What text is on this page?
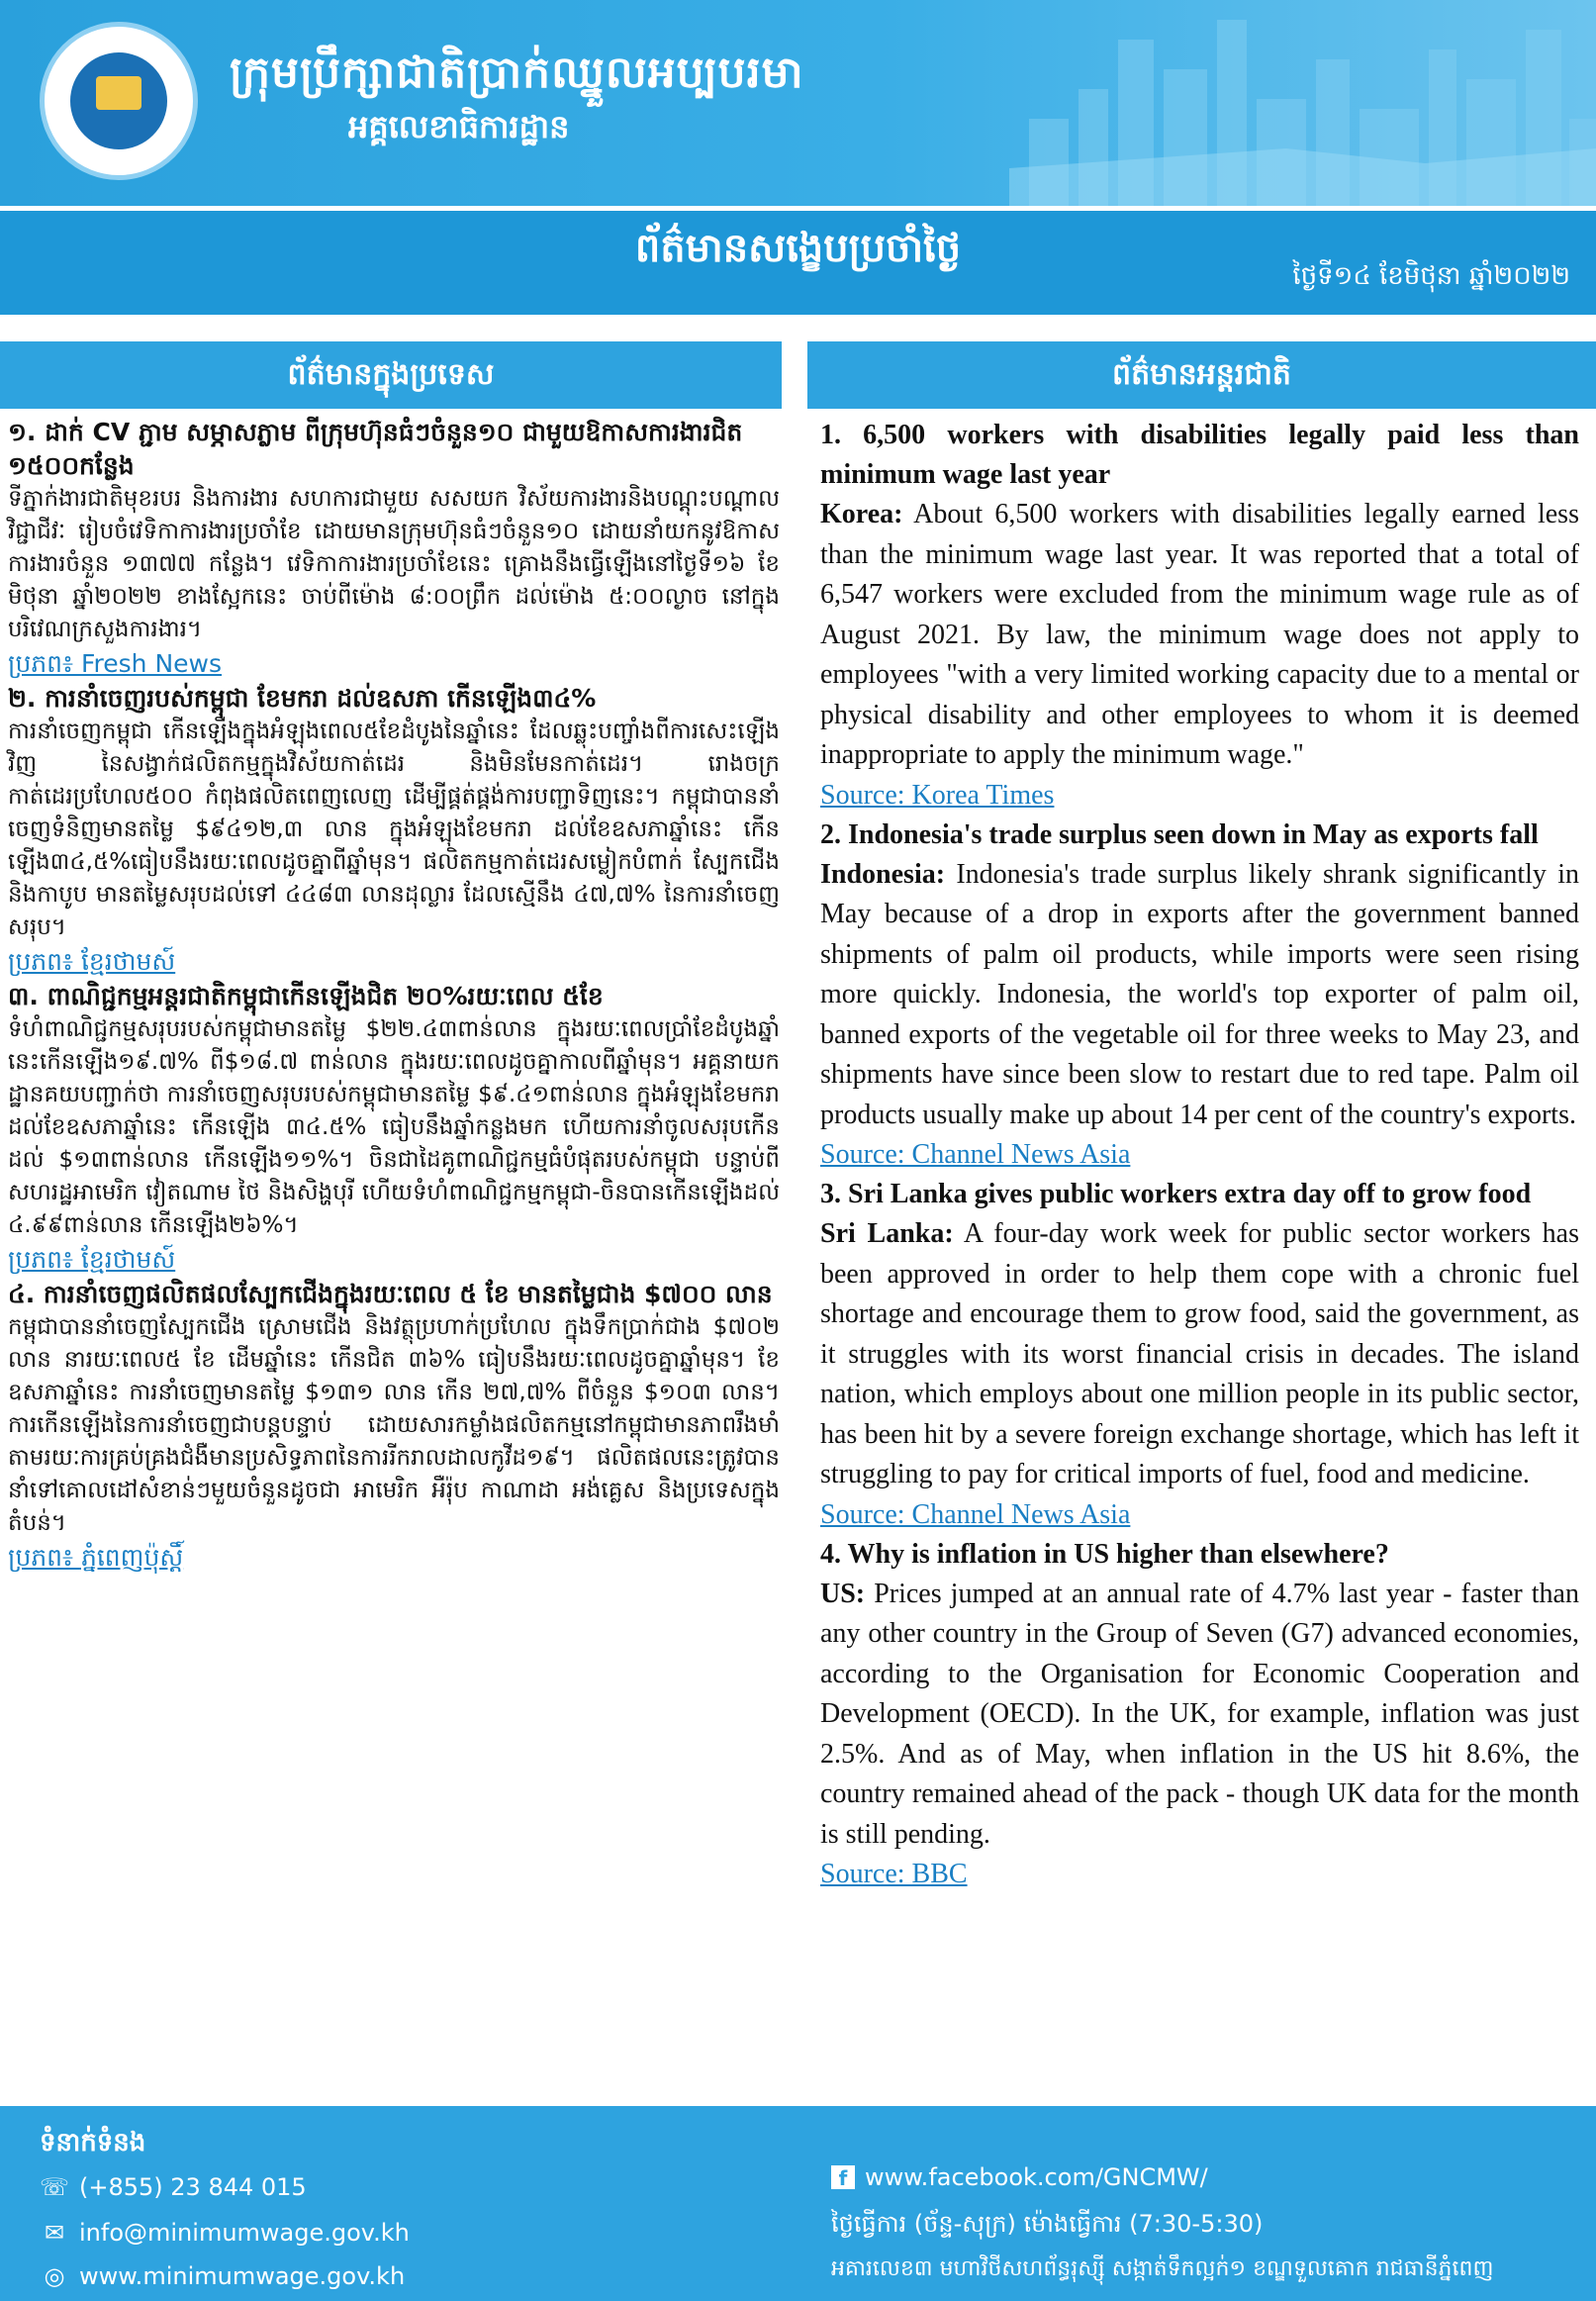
ក្រុមប្រឹក្សាជាតិប្រាក់ឈ្នួលអប្បបរមា
អគ្គលេខាធិការដ្ឋាន
ព័ត៌មានសង្ខេបប្រចាំថ្ងៃ
ថ្ងៃទី១៤ ខែមិថុនា ឆ្នាំ២០២២
ព័ត៌មានក្នុងប្រទេស	ព័ត៌មានអន្តរជាតិ
១. ដាក់ CV ភ្ជាម សម្ភាសភ្លាម ពីក្រុមហ៊ុនធំៗចំនួន១០ ជាមួយឱកាសការងារជិត ១៥០០កន្លែង
ទីភ្នាក់ងារជាតិមុខរបរ និងការងារ សហការជាមួយ សសយក វិស័យការងារនិងបណ្តុះបណ្តាលវិជ្ជាជីវៈ រៀបចំវេទិកាការងារប្រចាំខែ ដោយមានក្រុមហ៊ុនធំៗចំនួន១០ ដោយនាំយកនូវឱកាសការងារចំនួន ១៣៧៧ កន្លែង។ វេទិកាការងារប្រចាំខែនេះ គ្រោងនឹងធ្វើឡើងនៅថ្ងៃទី១៦ ខែមិថុនា ឆ្នាំ២០២២ ខាងស្អែកនេះ ចាប់ពីម៉ោង ៨:០០ព្រឹក ដល់ម៉ោង ៥:០០ល្ងាច នៅក្នុងបរិវេណក្រសួងការងារ។
ប្រភព៖ Fresh News
២. ការនាំចេញរបស់កម្ពុជា ខែមករា ដល់ឧសភា កើនឡើង៣៤%
ការនាំចេញកម្ពុជា កើនឡើងក្នុងអំឡុងពេល៥ខែដំបូងនៃឆ្នាំនេះ ដែលឆ្លុះបញ្ចាំងពីការសេះឡើងវិញ នៃសង្វាក់ផលិតកម្មក្នុងវិស័យកាត់ដេរ និងមិនមែនកាត់ដេរ។ រោងចក្រកាត់ដេរប្រហែល៥០០ កំពុងផលិតពេញលេញ ដើម្បីផ្គត់ផ្គង់ការបញ្ជាទិញនេះ។ កម្ពុជាបាននាំចេញទំនិញមានតម្លៃ $៩៤១២,៣ លាន ក្នុងអំឡុងខែមករា ដល់ខែឧសភាឆ្នាំនេះ កើនឡើង៣៤,៥%ធៀបនឹងរយៈពេលដូចគ្នាពីឆ្នាំមុន។ ផលិតកម្មកាត់ដេរសម្លៀកបំពាក់ ស្បែកជើង និងកាបូប មានតម្លៃសរុបដល់ទៅ ៤៤៨៣ លានដុល្លារ ដែលស្មើនឹង ៤៧,៧% នៃការនាំចេញសរុប។
ប្រភព៖ ខ្មែរថាមស៍
៣. ពាណិជ្ជកម្មអន្តរជាតិកម្ពុជាកើនឡើងជិត ២០%រយៈពេល ៥ខែ
ទំហំពាណិជ្ជកម្មសរុបរបស់កម្ពុជាមានតម្លៃ $២២.៤៣ពាន់លាន ក្នុងរយៈពេលប្រាំខែដំបូងឆ្នាំនេះកើនឡើង១៩.៧% ពី$១៨.៧ ពាន់លាន ក្នុងរយៈពេលដូចគ្នាកាលពីឆ្នាំមុន។ អគ្គនាយកដ្ឋានគយបញ្ជាក់ថា ការនាំចេញសរុបរបស់កម្ពុជាមានតម្លៃ $៩.៤១ពាន់លាន ក្នុងអំឡុងខែមករាដល់ខែឧសភាឆ្នាំនេះ កើនឡើង ៣៤.៥% ធៀបនឹងឆ្នាំកន្លងមក ហើយការនាំចូលសរុបកើនដល់ $១៣ពាន់លាន កើនឡើង១១%។ ចិនជាដៃគូពាណិជ្ជកម្មធំបំផុតរបស់កម្ពុជា បន្ទាប់ពីសហរដ្ឋអាមេរិក វៀតណាម ថៃ និងសិង្ហបុរី ហើយទំហំពាណិជ្ជកម្មកម្ពុជា-ចិនបានកើនឡើងដល់ ៤.៩៩ពាន់លាន កើនឡើង២៦%។
ប្រភព៖ ខ្មែរថាមស៍
៤. ការនាំចេញផលិតផលស្បែកជើងក្នុងរយៈពេល ៥ ខែ មានតម្លៃជាង $៧០០ លាន
កម្ពុជាបាននាំចេញស្បែកជើង ស្រោមជើង និងវត្ថុប្រហាក់ប្រហែល ក្នុងទឹកប្រាក់ជាង $៧០២ លាន នារយៈពេល៥ ខែ ដើមឆ្នាំនេះ កើនជិត ៣៦% ធៀបនឹងរយៈពេលដូចគ្នាឆ្នាំមុន។ ខែឧសភាឆ្នាំនេះ ការនាំចេញមានតម្លៃ $១៣១ លាន កើន ២៧,៧% ពីចំនួន $១០៣ លាន។ ការកើនឡើងនៃការនាំចេញជាបន្តបន្ទាប់ ដោយសារកម្លាំងផលិតកម្មនៅកម្ពុជាមានភាពរឹងមាំ តាមរយៈការគ្រប់គ្រងជំងឺមានប្រសិទ្ធភាពនៃការរីករាលដាលកូវីដ១៩។ ផលិតផលនេះត្រូវបាននាំទៅគោលដៅសំខាន់ៗមួយចំនួនដូចជា អាមេរិក អឺរ៉ុប កាណាដា អង់គ្លេស និងប្រទេសក្នុងតំបន់។
ប្រភព៖ ភ្នំពេញប៉ុស្តិ៍
1. 6,500 workers with disabilities legally paid less than minimum wage last year
Korea: About 6,500 workers with disabilities legally earned less than the minimum wage last year. It was reported that a total of 6,547 workers were excluded from the minimum wage rule as of August 2021. By law, the minimum wage does not apply to employees "with a very limited working capacity due to a mental or physical disability and other employees to whom it is deemed inappropriate to apply the minimum wage."
Source: Korea Times
2. Indonesia's trade surplus seen down in May as exports fall
Indonesia: Indonesia's trade surplus likely shrank significantly in May because of a drop in exports after the government banned shipments of palm oil products, while imports were seen rising more quickly. Indonesia, the world's top exporter of palm oil, banned exports of the vegetable oil for three weeks to May 23, and shipments have since been slow to restart due to red tape. Palm oil products usually make up about 14 per cent of the country's exports.
Source: Channel News Asia
3. Sri Lanka gives public workers extra day off to grow food
Sri Lanka: A four-day work week for public sector workers has been approved in order to help them cope with a chronic fuel shortage and encourage them to grow food, said the government, as it struggles with its worst financial crisis in decades. The island nation, which employs about one million people in its public sector, has been hit by a severe foreign exchange shortage, which has left it struggling to pay for critical imports of fuel, food and medicine.
Source: Channel News Asia
4. Why is inflation in US higher than elsewhere?
US: Prices jumped at an annual rate of 4.7% last year - faster than any other country in the Group of Seven (G7) advanced economies, according to the Organisation for Economic Cooperation and Development (OECD). In the UK, for example, inflation was just 2.5%. And as of May, when inflation in the US hit 8.6%, the country remained ahead of the pack - though UK data for the month is still pending.
Source: BBC
ទំនាក់ទំនង
☏ (+855) 23 844 015
✉ info@minimumwage.gov.kh
◎ www.minimumwage.gov.kh
f www.facebook.com/GNCMW/
ថ្ងៃធ្វើការ (ច័ន្ទ-សុក្រ) ម៉ោងធ្វើការ (7:30-5:30)
អគារលេខ៣ មហាវិថីសហព័ន្ធរុស្ស៊ី សង្កាត់ទឹកល្អក់១ ខណ្ឌទួលគោក រាជធានីភ្នំពេញ
